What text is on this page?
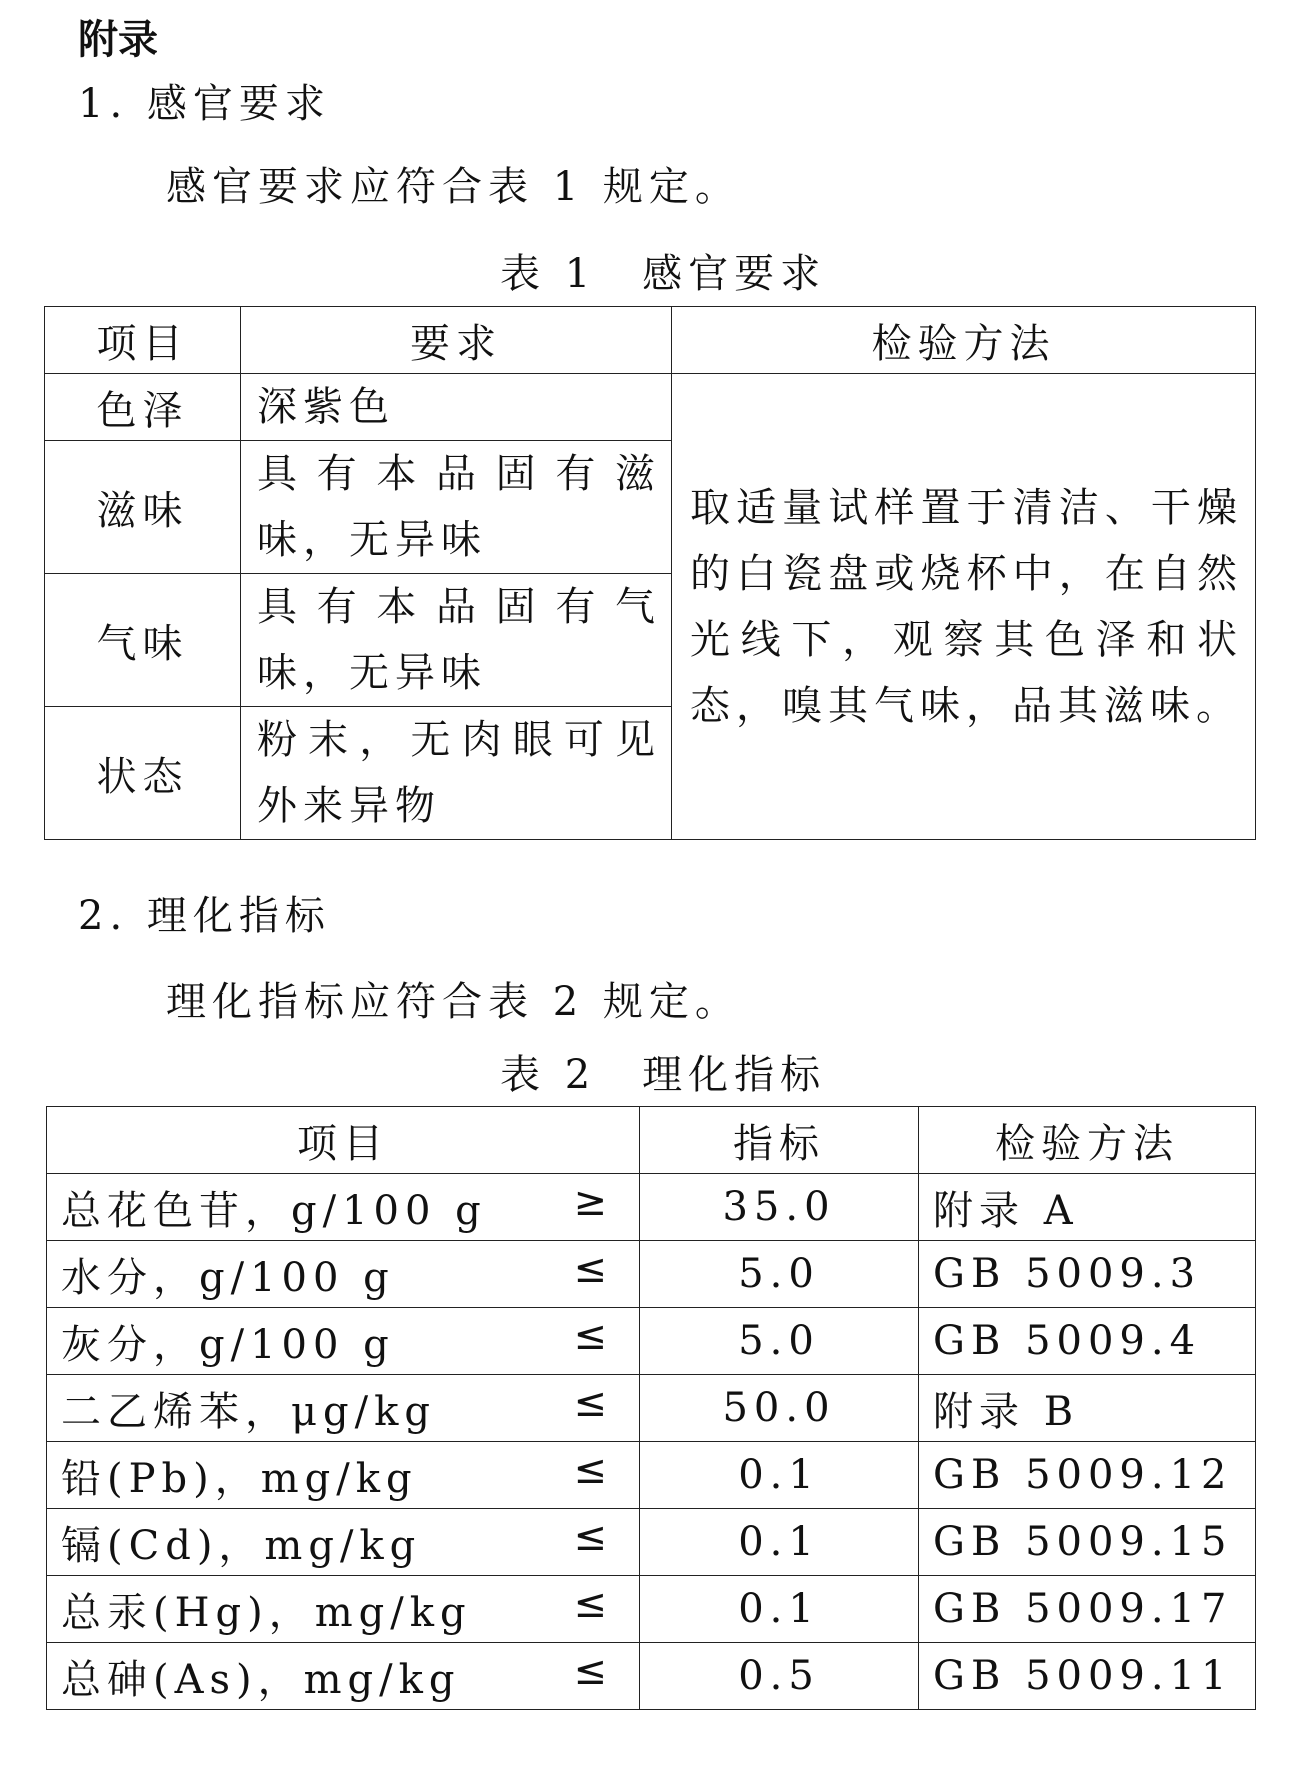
附录
1. 感官要求
感官要求应符合表 1 规定。
表 1　感官要求
项目	要求	检验方法
色泽	深紫色	取适量试样置于清洁、干燥的白瓷盘或烧杯中，在自然光线下，观察其色泽和状态，嗅其气味，品其滋味。
滋味	具有本品固有滋味，无异味	
气味	具有本品固有气味，无异味	
状态	粉末，无肉眼可见外来异物	
2. 理化指标
理化指标应符合表 2 规定。
表 2　理化指标
项目	指标	检验方法

总花色苷，g/100 g ≥	35.0	附录 A

水分，g/100 g ≤	5.0	GB 5009.3

灰分，g/100 g ≤	5.0	GB 5009.4

二乙烯苯，μg/kg ≤	50.0	附录 B

铅(Pb)，mg/kg ≤	0.1	GB 5009.12

镉(Cd)，mg/kg ≤	0.1	GB 5009.15

总汞(Hg)，mg/kg ≤	0.1	GB 5009.17

总砷(As)，mg/kg ≤	0.5	GB 5009.11
